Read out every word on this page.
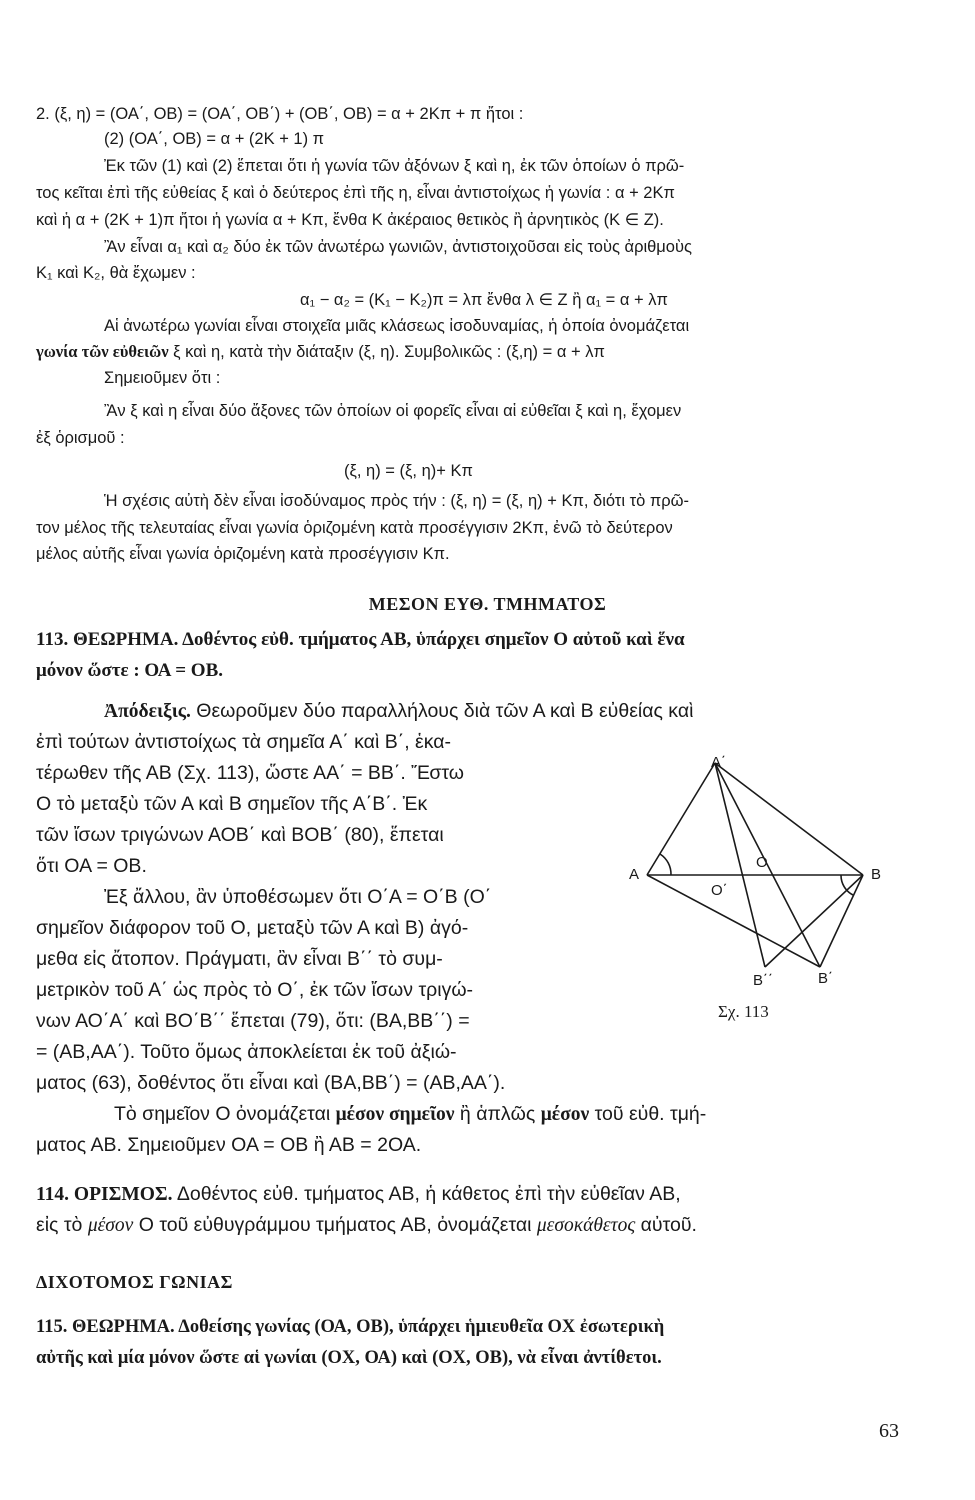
2. (ξ, η) = (ΟΑ΄, ΟΒ) = (ΟΑ΄, ΟΒ΄) + (ΟΒ΄, ΟΒ) = α + 2Κπ + π ἤτοι :
(2) (ΟΑ΄, ΟΒ) = α + (2Κ + 1) π
Ἐκ τῶν (1) καὶ (2) ἕπεται ὅτι ἡ γωνία τῶν ἀξόνων ξ καὶ η, ἐκ τῶν ὁποίων ὁ πρῶ-
τος κεῖται ἐπὶ τῆς εὐθείας ξ καὶ ὁ δεύτερος ἐπὶ τῆς η, εἶναι ἀντιστοίχως ἡ γωνία : α + 2Κπ
καὶ ἡ α + (2Κ + 1)π ἤτοι ἡ γωνία α + Κπ, ἔνθα Κ ἀκέραιος θετικὸς ἢ ἀρνητικὸς (Κ ∈ Ζ).
Ἂν εἶναι α₁ καὶ α₂ δύο ἐκ τῶν ἀνωτέρω γωνιῶν, ἀντιστοιχοῦσαι εἰς τοὺς ἀριθμοὺς
Κ₁ καὶ Κ₂, θὰ ἔχωμεν :
α₁ − α₂ = (Κ₁ − Κ₂)π = λπ ἔνθα λ ∈ Ζ ἢ α₁ = α + λπ
Αἱ ἀνωτέρω γωνίαι εἶναι στοιχεῖα μιᾶς κλάσεως ἰσοδυναμίας, ἡ ὁποία ὀνομάζεται
γωνία τῶν εὐθειῶν ξ καὶ η, κατὰ τὴν διάταξιν (ξ, η). Συμβολικῶς : (ξ,η) = α + λπ
Σημειοῦμεν ὅτι :
Ἂν ξ καὶ η εἶναι δύο ἄξονες τῶν ὁποίων οἱ φορεῖς εἶναι αἱ εὐθεῖαι ξ καὶ η, ἔχομεν
ἐξ ὁρισμοῦ :
(ξ, η) = (ξ, η)+ Κπ
Ἡ σχέσις αὐτὴ δὲν εἶναι ἰσοδύναμος πρὸς τήν : (ξ, η) = (ξ, η) + Κπ, διότι τὸ πρῶ-
τον μέλος τῆς τελευταίας εἶναι γωνία ὁριζομένη κατὰ προσέγγισιν 2Κπ, ἐνῶ τὸ δεύτερον
μέλος αὐτῆς εἶναι γωνία ὁριζομένη κατὰ προσέγγισιν Κπ.
ΜΕΣΟΝ ΕΥΘ. ΤΜΗΜΑΤΟΣ
113. ΘΕΩΡΗΜΑ. Δοθέντος εὐθ. τμήματος ΑΒ, ὑπάρχει σημεῖον Ο αὐτοῦ καὶ ἕνα
μόνον ὥστε : ΟΑ = ΟΒ.
Ἀπόδειξις. Θεωροῦμεν δύο παραλλήλους διὰ τῶν Α καὶ Β εὐθείας καὶ
ἐπὶ τούτων ἀντιστοίχως τὰ σημεῖα Α΄ καὶ Β΄, ἑκα-
τέρωθεν τῆς ΑΒ (Σχ. 113), ὥστε ΑΑ΄ = ΒΒ΄. Ἔστω
Ο τὸ μεταξὺ τῶν Α καὶ Β σημεῖον τῆς Α΄Β΄. Ἐκ
τῶν ἴσων τριγώνων ΑΟΒ΄ καὶ ΒΟΒ΄ (80), ἕπεται
ὅτι ΟΑ = ΟΒ.
Ἐξ ἄλλου, ἂν ὑποθέσωμεν ὅτι Ο΄Α = Ο΄Β (Ο΄
σημεῖον διάφορον τοῦ Ο, μεταξὺ τῶν Α καὶ Β) ἀγό-
μεθα εἰς ἄτοπον. Πράγματι, ἂν εἶναι Β΄΄ τὸ συμ-
μετρικὸν τοῦ Α΄ ὡς πρὸς τὸ Ο΄, ἐκ τῶν ἴσων τριγώ-
νων ΑΟ΄Α΄ καὶ ΒΟ΄Β΄΄ ἕπεται (79), ὅτι: (ΒΑ,ΒΒ΄΄) =
= (ΑΒ,ΑΑ΄). Τοῦτο ὅμως ἀποκλείεται ἐκ τοῦ ἀξιώ-
ματος (63), δοθέντος ὅτι εἶναι καὶ (ΒΑ,ΒΒ΄) = (ΑΒ,ΑΑ΄).
Τὸ σημεῖον Ο ὀνομάζεται μέσον σημεῖον ἢ ἁπλῶς μέσον τοῦ εὐθ. τμή-
ματος ΑΒ. Σημειοῦμεν ΟΑ = ΟΒ ἢ ΑΒ = 2ΟΑ.
114. ΟΡΙΣΜΟΣ. Δοθέντος εὐθ. τμήματος ΑΒ, ἡ κάθετος ἐπὶ τὴν εὐθεῖαν ΑΒ,
εἰς τὸ μέσον Ο τοῦ εὐθυγράμμου τμήματος ΑΒ, ὀνομάζεται μεσοκάθετος αὐτοῦ.
ΔΙΧΟΤΟΜΟΣ ΓΩΝΙΑΣ
115. ΘΕΩΡΗΜΑ. Δοθείσης γωνίας (ΟΑ, ΟΒ), ὑπάρχει ἡμιευθεῖα ΟΧ ἐσωτερικὴ
αὐτῆς καὶ μία μόνον ὥστε αἱ γωνίαι (ΟΧ, ΟΑ) καὶ (ΟΧ, ΟΒ), νὰ εἶναι ἀντίθετοι.
Α΄
Α
Ο
Ο΄
Β
Β΄΄	Β΄
Σχ. 113
63
